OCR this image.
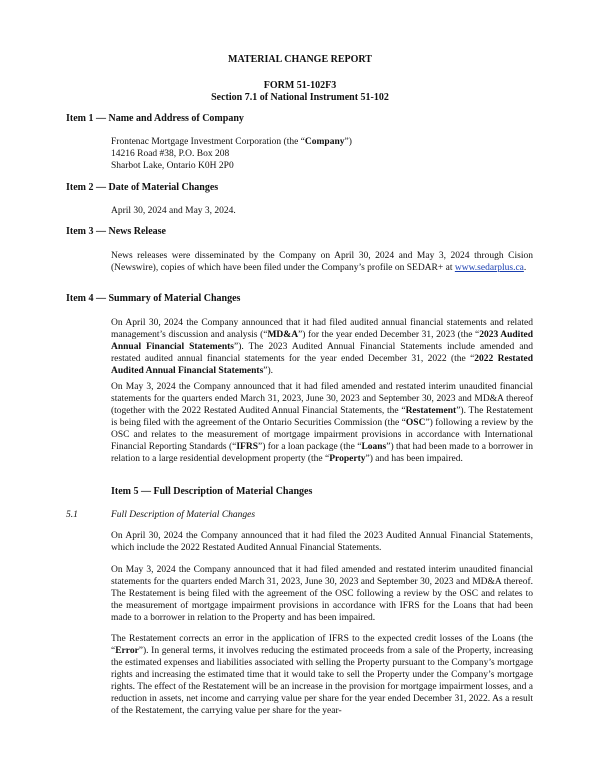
MATERIAL CHANGE REPORT
FORM 51-102F3
Section 7.1 of National Instrument 51-102
Item 1 — Name and Address of Company

Frontenac Mortgage Investment Corporation (the “Company”)

14216 Road #38, P.O. Box 208

Sharbot Lake, Ontario K0H 2P0

Item 2 — Date of Material Changes
April 30, 2024 and May 3, 2024.
Item 3 — News Release

News releases were disseminated by the Company on April 30, 2024 and May 3, 2024 through Cision (Newswire), copies of which have been filed under the Company’s profile on SEDAR+ at www.sedarplus.ca.

Item 4 — Summary of Material Changes

On April 30, 2024 the Company announced that it had filed audited annual financial statements and related management’s discussion and analysis (“MD&A”) for the year ended December 31, 2023 (the “2023 Audited Annual Financial Statements”). The 2023 Audited Annual Financial Statements include amended and restated audited annual financial statements for the year ended December 31, 2022 (the “2022 Restated Audited Annual Financial Statements”).

On May 3, 2024 the Company announced that it had filed amended and restated interim unaudited financial statements for the quarters ended March 31, 2023, June 30, 2023 and September 30, 2023 and MD&A thereof (together with the 2022 Restated Audited Annual Financial Statements, the “Restatement”). The Restatement is being filed with the agreement of the Ontario Securities Commission (the “OSC”) following a review by the OSC and relates to the measurement of mortgage impairment provisions in accordance with International Financial Reporting Standards (“IFRS”) for a loan package (the “Loans”) that had been made to a borrower in relation to a large residential development property (the “Property”) and has been impaired.

Item 5 — Full Description of Material Changes
5.1	Full Description of Material Changes
On April 30, 2024 the Company announced that it had filed the 2023 Audited Annual Financial Statements, which include the 2022 Restated Audited Annual Financial Statements.
On May 3, 2024 the Company announced that it had filed amended and restated interim unaudited financial statements for the quarters ended March 31, 2023, June 30, 2023 and September 30, 2023 and MD&A thereof. The Restatement is being filed with the agreement of the OSC following a review by the OSC and relates to the measurement of mortgage impairment provisions in accordance with IFRS for the Loans that had been made to a borrower in relation to the Property and has been impaired.

The Restatement corrects an error in the application of IFRS to the expected credit losses of the Loans (the “Error”). In general terms, it involves reducing the estimated proceeds from a sale of the Property, increasing the estimated expenses and liabilities associated with selling the Property pursuant to the Company’s mortgage rights and increasing the estimated time that it would take to sell the Property under the Company’s mortgage rights. The effect of the Restatement will be an increase in the provision for mortgage impairment losses, and a reduction in assets, net income and carrying value per share for the year ended December 31, 2022. As a result of the Restatement, the carrying value per share for the year-
